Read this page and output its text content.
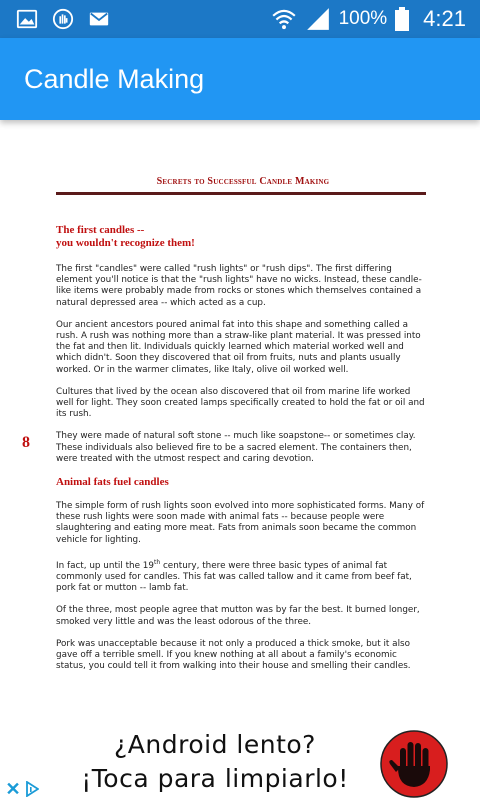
100% 4:21
Candle Making
Secrets to Successful Candle Making
8
The first candles --
you wouldn't recognize them!

The first "candles" were called "rush lights" or "rush dips". The first differing element you'll notice is that the "rush lights" have no wicks. Instead, these candle-like items were probably made from rocks or stones which themselves contained a natural depressed area -- which acted as a cup.

Our ancient ancestors poured animal fat into this shape and something called a rush. A rush was nothing more than a straw-like plant material. It was pressed into the fat and then lit. Individuals quickly learned which material worked well and which didn't. Soon they discovered that oil from fruits, nuts and plants usually worked. Or in the warmer climates, like Italy, olive oil worked well.

Cultures that lived by the ocean also discovered that oil from marine life worked well for light. They soon created lamps specifically created to hold the fat or oil and its rush.

They were made of natural soft stone -- much like soapstone-- or sometimes clay. These individuals also believed fire to be a sacred element. The containers then, were treated with the utmost respect and caring devotion.

Animal fats fuel candles

The simple form of rush lights soon evolved into more sophisticated forms. Many of these rush lights were soon made with animal fats -- because people were slaughtering and eating more meat. Fats from animals soon became the common vehicle for lighting.

In fact, up until the 19th century, there were three basic types of animal fat commonly used for candles. This fat was called tallow and it came from beef fat, pork fat or mutton -- lamb fat.

Of the three, most people agree that mutton was by far the best. It burned longer, smoked very little and was the least odorous of the three.

Pork was unacceptable because it not only a produced a thick smoke, but it also gave off a terrible smell. If you knew nothing at all about a family's economic status, you could tell it from walking into their house and smelling their candles.

¿Android lento?
¡Toca para limpiarlo!
✕
